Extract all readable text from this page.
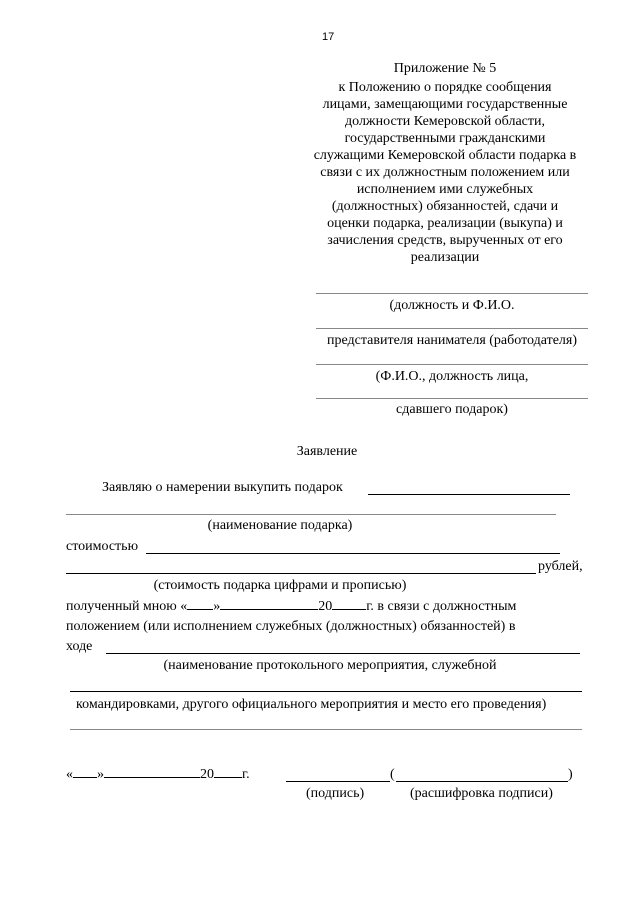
17
Приложение № 5
к Положению о порядке сообщения
лицами, замещающими государственные
должности Кемеровской области,
государственными гражданскими
служащими Кемеровской области подарка в
связи с их должностным положением или
исполнением ими служебных
(должностных) обязанностей, сдачи и
оценки подарка, реализации (выкупа) и
зачисления средств, вырученных от его
реализации
(должность и Ф.И.О.
представителя нанимателя (работодателя)
(Ф.И.О., должность лица,
сдавшего подарок)
Заявление
Заявляю о намерении выкупить подарок
(наименование подарка)
стоимостью
рублей,
(стоимость подарка цифрами и прописью)
полученный мною « »	20 г. в связи с должностным
положением (или исполнением служебных (должностных) обязанностей) в
ходе
(наименование протокольного мероприятия, служебной
командировками, другого официального мероприятия и место его проведения)
« »	20 г.	(	)
(подпись)	(расшифровка подписи)
